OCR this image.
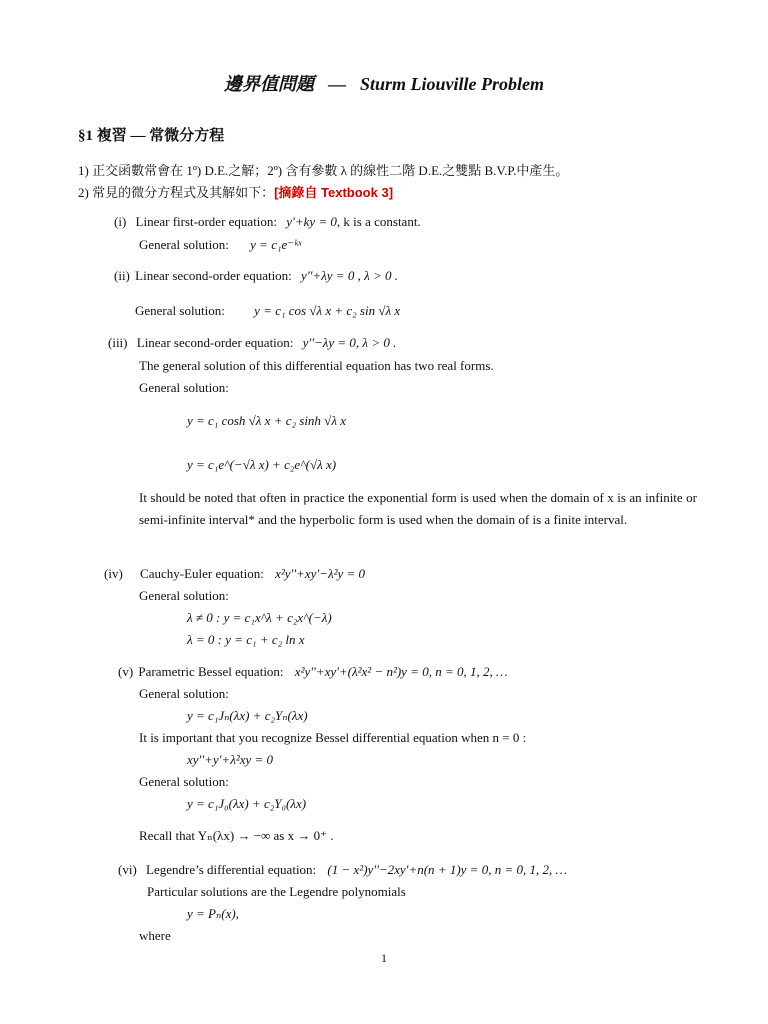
邊界值問題 — Sturm Liouville Problem
§1 複習 — 常微分方程
1) 正交函數常會在 1º) D.E.之解；2º) 含有參數 λ 的線性二階 D.E.之雙點 B.V.P.中產生。
2) 常見的微分方程式及其解如下：[摘錄自 Textbook 3]
(i) Linear first-order equation: y'+ky = 0, k is a constant.
General solution: y = c₁e⁻ᵏˣ
(ii) Linear second-order equation: y''+λy = 0 , λ > 0 .
General solution: y = c₁ cos √λ x + c₂ sin √λ x
(iii) Linear second-order equation: y''−λy = 0, λ > 0 .
The general solution of this differential equation has two real forms.
General solution:
y = c₁ cosh √λ x + c₂ sinh √λ x
y = c₁e^(−√λ x) + c₂e^(√λ x)
It should be noted that often in practice the exponential form is used when the domain of x is an infinite or semi-infinite interval* and the hyperbolic form is used when the domain of is a finite interval.
(iv) Cauchy-Euler equation: x²y''+xy'−λ²y = 0
General solution:
λ ≠ 0 : y = c₁x^λ + c₂x^(−λ)
λ = 0 : y = c₁ + c₂ ln x
(v) Parametric Bessel equation: x²y''+xy'+(λ²x² − n²)y = 0, n = 0, 1, 2, …
General solution:
y = c₁Jₙ(λx) + c₂Yₙ(λx)
It is important that you recognize Bessel differential equation when n = 0 :
xy''+y'+λ²xy = 0
General solution:
y = c₁J₀(λx) + c₂Y₀(λx)
Recall that Yₙ(λx) → −∞ as x → 0⁺ .
(vi) Legendre’s differential equation: (1 − x²)y''−2xy'+n(n + 1)y = 0, n = 0, 1, 2, …
Particular solutions are the Legendre polynomials
y = Pₙ(x),
where
1
